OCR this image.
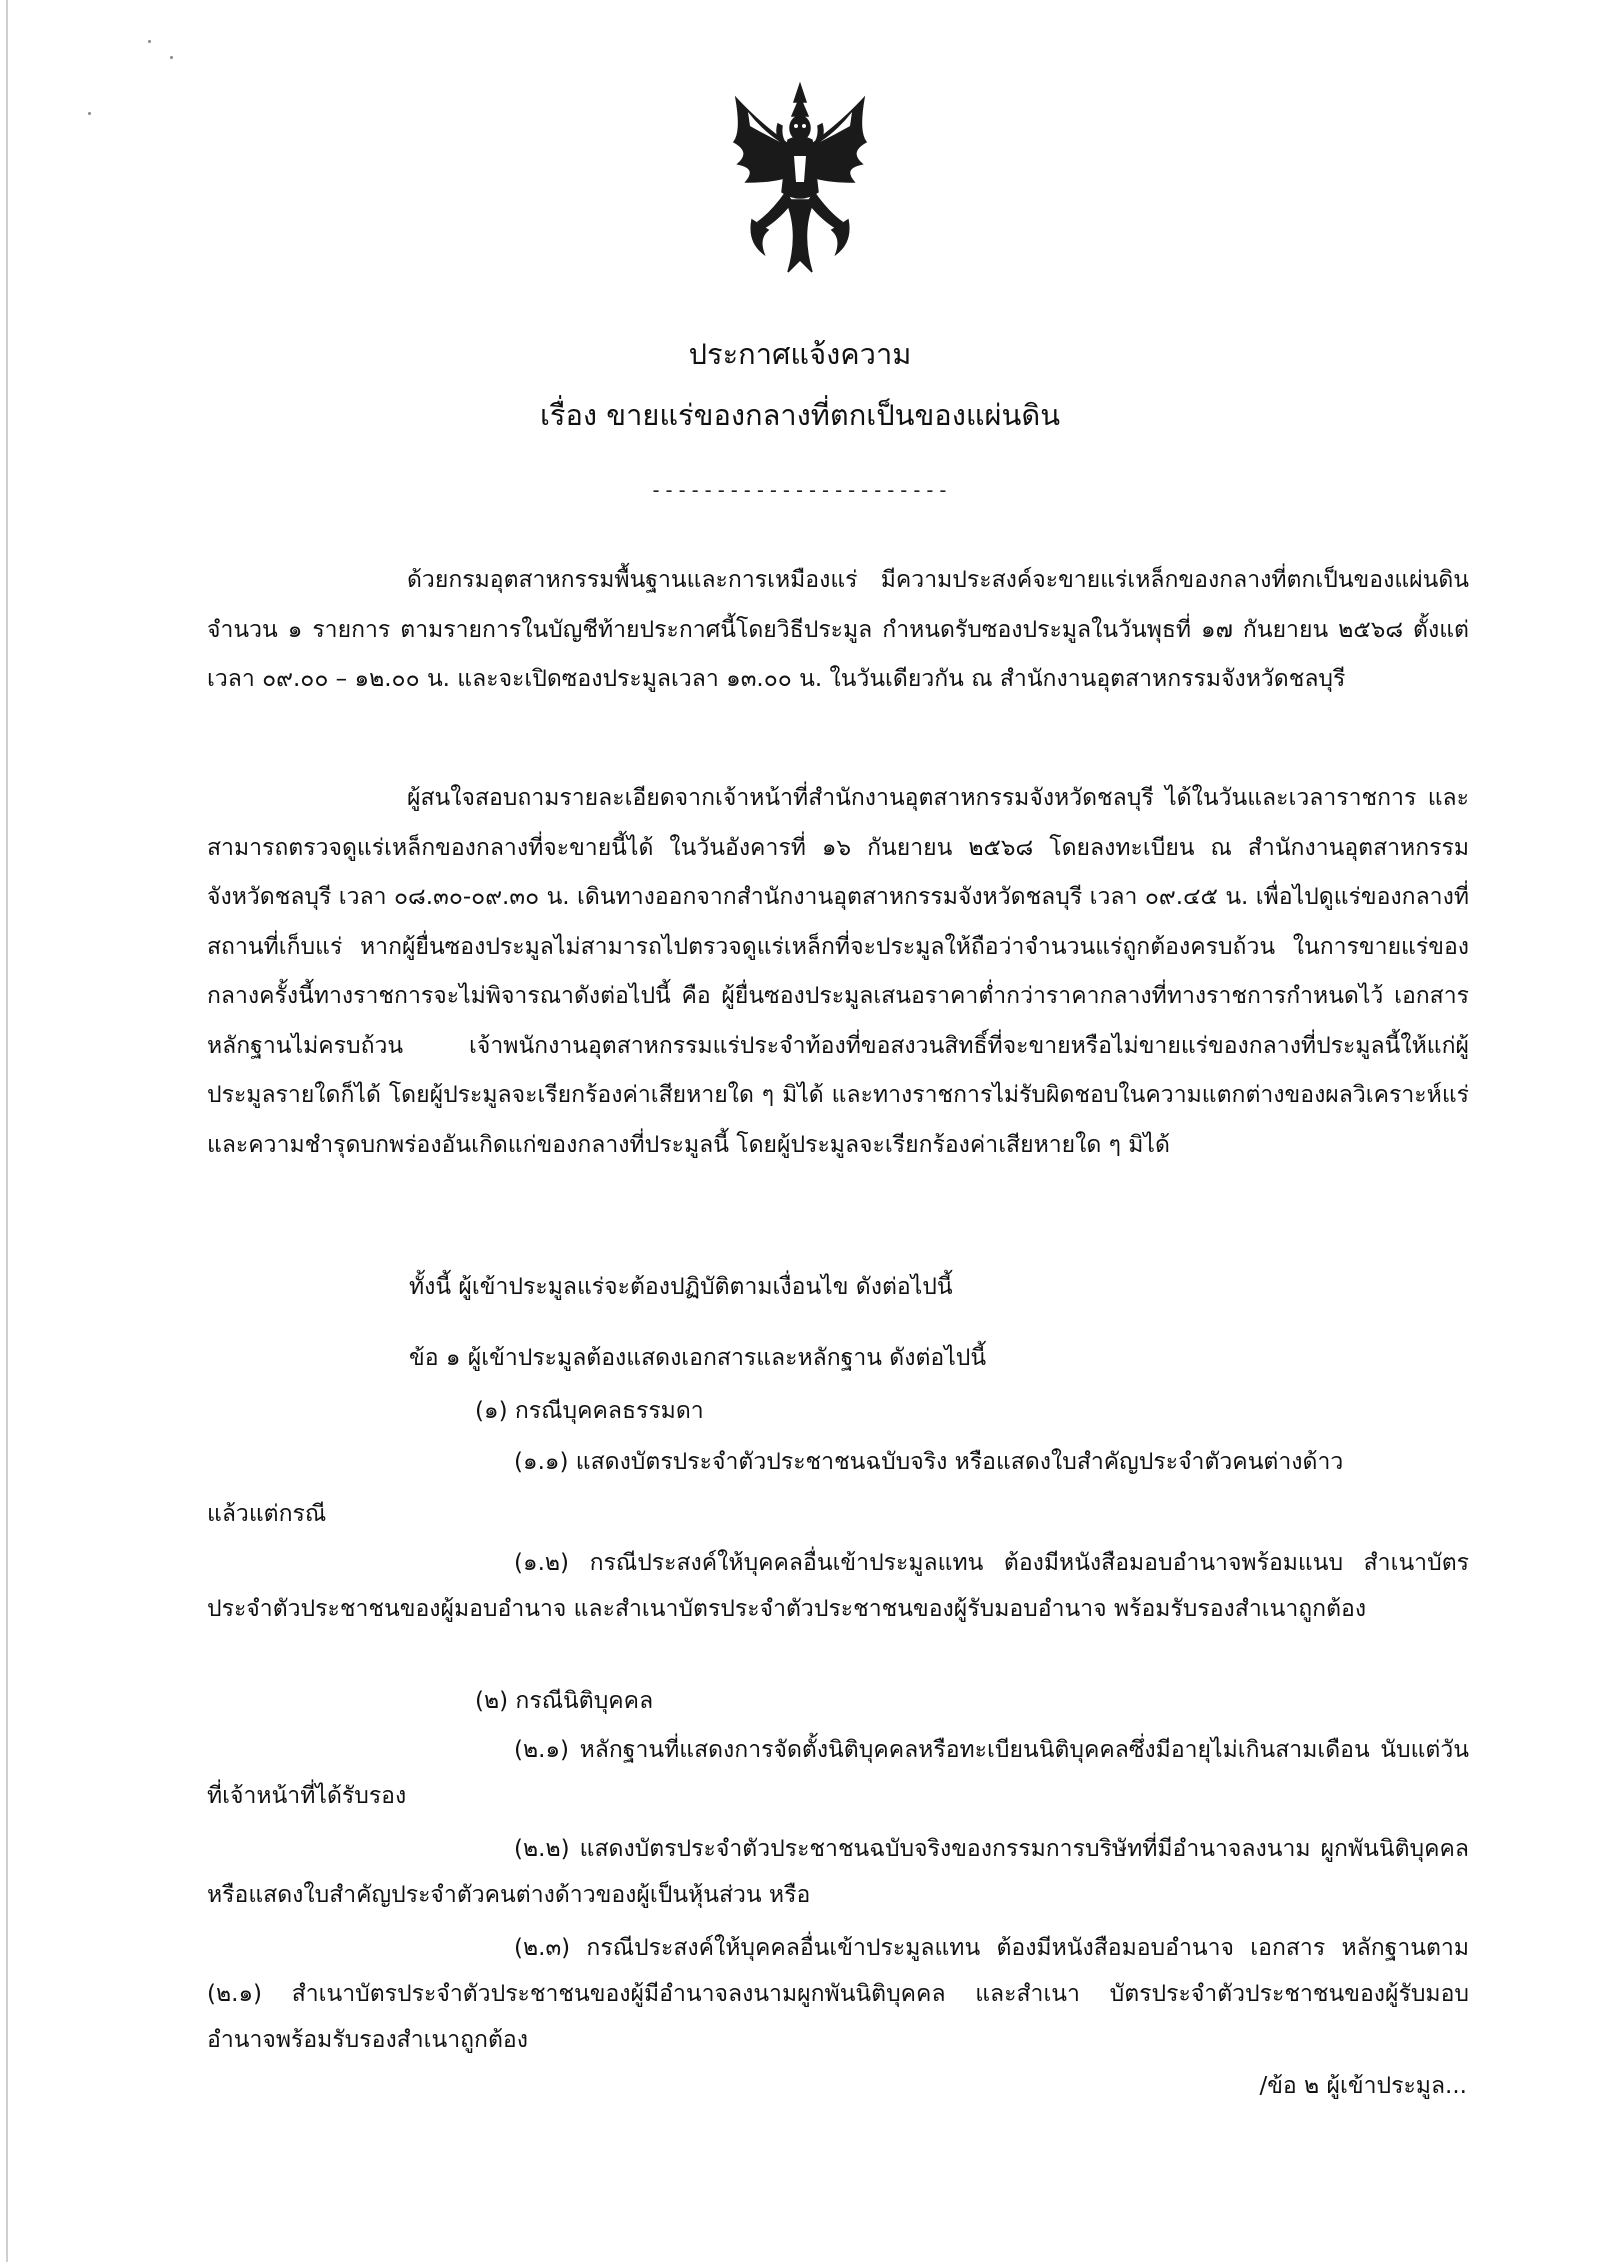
ประกาศแจ้งความ
เรื่อง ขายแร่ของกลางที่ตกเป็นของแผ่นดิน
-----------------------

ด้วยกรมอุตสาหกรรมพื้นฐานและการเหมืองแร่ มีความประสงค์จะขายแร่เหล็กของกลางที่ตกเป็นของแผ่นดิน จำนวน ๑ รายการ ตามรายการในบัญชีท้ายประกาศนี้โดยวิธีประมูล กำหนดรับซองประมูลในวันพุธที่ ๑๗ กันยายน ๒๕๖๘ ตั้งแต่เวลา ๐๙.๐๐ – ๑๒.๐๐ น. และจะเปิดซองประมูลเวลา ๑๓.๐๐ น. ในวันเดียวกัน ณ สำนักงานอุตสาหกรรมจังหวัดชลบุรี

ผู้สนใจสอบถามรายละเอียดจากเจ้าหน้าที่สำนักงานอุตสาหกรรมจังหวัดชลบุรี ได้ในวันและเวลาราชการ และสามารถตรวจดูแร่เหล็กของกลางที่จะขายนี้ได้ ในวันอังคารที่ ๑๖ กันยายน ๒๕๖๘ โดยลงทะเบียน ณ สำนักงานอุตสาหกรรมจังหวัดชลบุรี เวลา ๐๘.๓๐-๐๙.๓๐ น. เดินทางออกจากสำนักงานอุตสาหกรรมจังหวัดชลบุรี เวลา ๐๙.๔๕ น. เพื่อไปดูแร่ของกลางที่สถานที่เก็บแร่ หากผู้ยื่นซองประมูลไม่สามารถไปตรวจดูแร่เหล็กที่จะประมูลให้ถือว่าจำนวนแร่ถูกต้องครบถ้วน ในการขายแร่ของกลางครั้งนี้ทางราชการจะไม่พิจารณาดังต่อไปนี้ คือ ผู้ยื่นซองประมูลเสนอราคาต่ำกว่าราคากลางที่ทางราชการกำหนดไว้ เอกสารหลักฐานไม่ครบถ้วน เจ้าพนักงานอุตสาหกรรมแร่ประจำท้องที่ขอสงวนสิทธิ์ที่จะขายหรือไม่ขายแร่ของกลางที่ประมูลนี้ให้แก่ผู้ประมูลรายใดก็ได้ โดยผู้ประมูลจะเรียกร้องค่าเสียหายใด ๆ มิได้ และทางราชการไม่รับผิดชอบในความแตกต่างของผลวิเคราะห์แร่และความชำรุดบกพร่องอันเกิดแก่ของกลางที่ประมูลนี้ โดยผู้ประมูลจะเรียกร้องค่าเสียหายใด ๆ มิได้

ทั้งนี้ ผู้เข้าประมูลแร่จะต้องปฏิบัติตามเงื่อนไข ดังต่อไปนี้

ข้อ ๑ ผู้เข้าประมูลต้องแสดงเอกสารและหลักฐาน ดังต่อไปนี้

(๑) กรณีบุคคลธรรมดา

(๑.๑) แสดงบัตรประจำตัวประชาชนฉบับจริง หรือแสดงใบสำคัญประจำตัวคนต่างด้าว

แล้วแต่กรณี

(๑.๒) กรณีประสงค์ให้บุคคลอื่นเข้าประมูลแทน ต้องมีหนังสือมอบอำนาจพร้อมแนบ สำเนาบัตรประจำตัวประชาชนของผู้มอบอำนาจ และสำเนาบัตรประจำตัวประชาชนของผู้รับมอบอำนาจ พร้อมรับรองสำเนาถูกต้อง

(๒) กรณีนิติบุคคล

(๒.๑) หลักฐานที่แสดงการจัดตั้งนิติบุคคลหรือทะเบียนนิติบุคคลซึ่งมีอายุไม่เกินสามเดือน นับแต่วันที่เจ้าหน้าที่ได้รับรอง

(๒.๒) แสดงบัตรประจำตัวประชาชนฉบับจริงของกรรมการบริษัทที่มีอำนาจลงนาม ผูกพันนิติบุคคล หรือแสดงใบสำคัญประจำตัวคนต่างด้าวของผู้เป็นหุ้นส่วน หรือ

(๒.๓) กรณีประสงค์ให้บุคคลอื่นเข้าประมูลแทน ต้องมีหนังสือมอบอำนาจ เอกสาร หลักฐานตาม (๒.๑) สำเนาบัตรประจำตัวประชาชนของผู้มีอำนาจลงนามผูกพันนิติบุคคล และสำเนา บัตรประจำตัวประชาชนของผู้รับมอบอำนาจพร้อมรับรองสำเนาถูกต้อง

/ข้อ ๒ ผู้เข้าประมูล...
